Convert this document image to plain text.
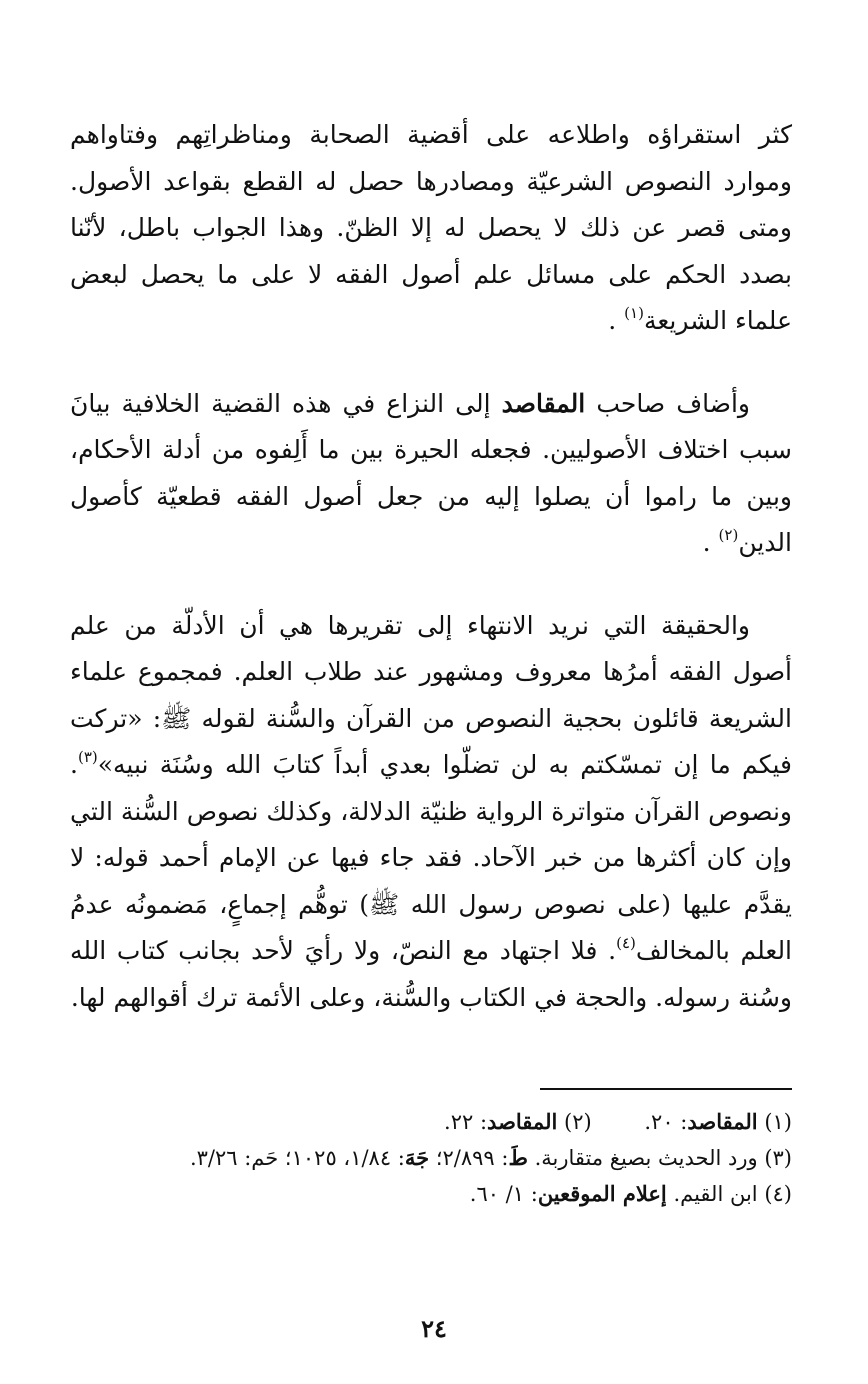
كثر استقراؤه واطلاعه على أقضية الصحابة ومناظراتِهم وفتاواهم وموارد النصوص الشرعيّة ومصادرها حصل له القطع بقواعد الأصول. ومتى قصر عن ذلك لا يحصل له إلا الظنّ. وهذا الجواب باطل، لأنّنا بصدد الحكم على مسائل علم أصول الفقه لا على ما يحصل لبعض علماء الشريعة$^{(١)}$ .

وأضاف صاحب المقاصد إلى النزاع في هذه القضية الخلافية بيانَ سبب اختلاف الأصوليين. فجعله الحيرة بين ما أَلِفوه من أدلة الأحكام، وبين ما راموا أن يصلوا إليه من جعل أصول الفقه قطعيّة كأصول الدين$^{(٢)}$ .

والحقيقة التي نريد الانتهاء إلى تقريرها هي أن الأدلّة من علم أصول الفقه أمرُها معروف ومشهور عند طلاب العلم. فمجموع علماء الشريعة قائلون بحجية النصوص من القرآن والسُّنة لقوله ﷺ: «تركت فيكم ما إن تمسّكتم به لن تضلّوا بعدي أبداً كتابَ الله وسُنَة نبيه»$^{(٣)}$. ونصوص القرآن متواترة الرواية ظنيّة الدلالة، وكذلك نصوص السُّنة التي وإن كان أكثرها من خبر الآحاد. فقد جاء فيها عن الإمام أحمد قوله: لا يقدَّم عليها (على نصوص رسول الله ﷺ) توهُّم إجماعٍ، مَضمونُه عدمُ العلم بالمخالف$^{(٤)}$. فلا اجتهاد مع النصّ، ولا رأيَ لأحد بجانب كتاب الله وسُنة رسوله. والحجة في الكتاب والسُّنة، وعلى الأئمة ترك أقوالهم لها.

(١) المقاصد: ٢٠. (٢) المقاصد: ٢٢.
(٣) ورد الحديث بصيغ متقاربة. طَ: ٢/٨٩٩؛ جَهَ: ١/٨٤، ١٠٢٥؛ حَم: ٣/٢٦.
(٤) ابن القيم. إعلام الموقعين: ١/ ٦٠.
٢٤
